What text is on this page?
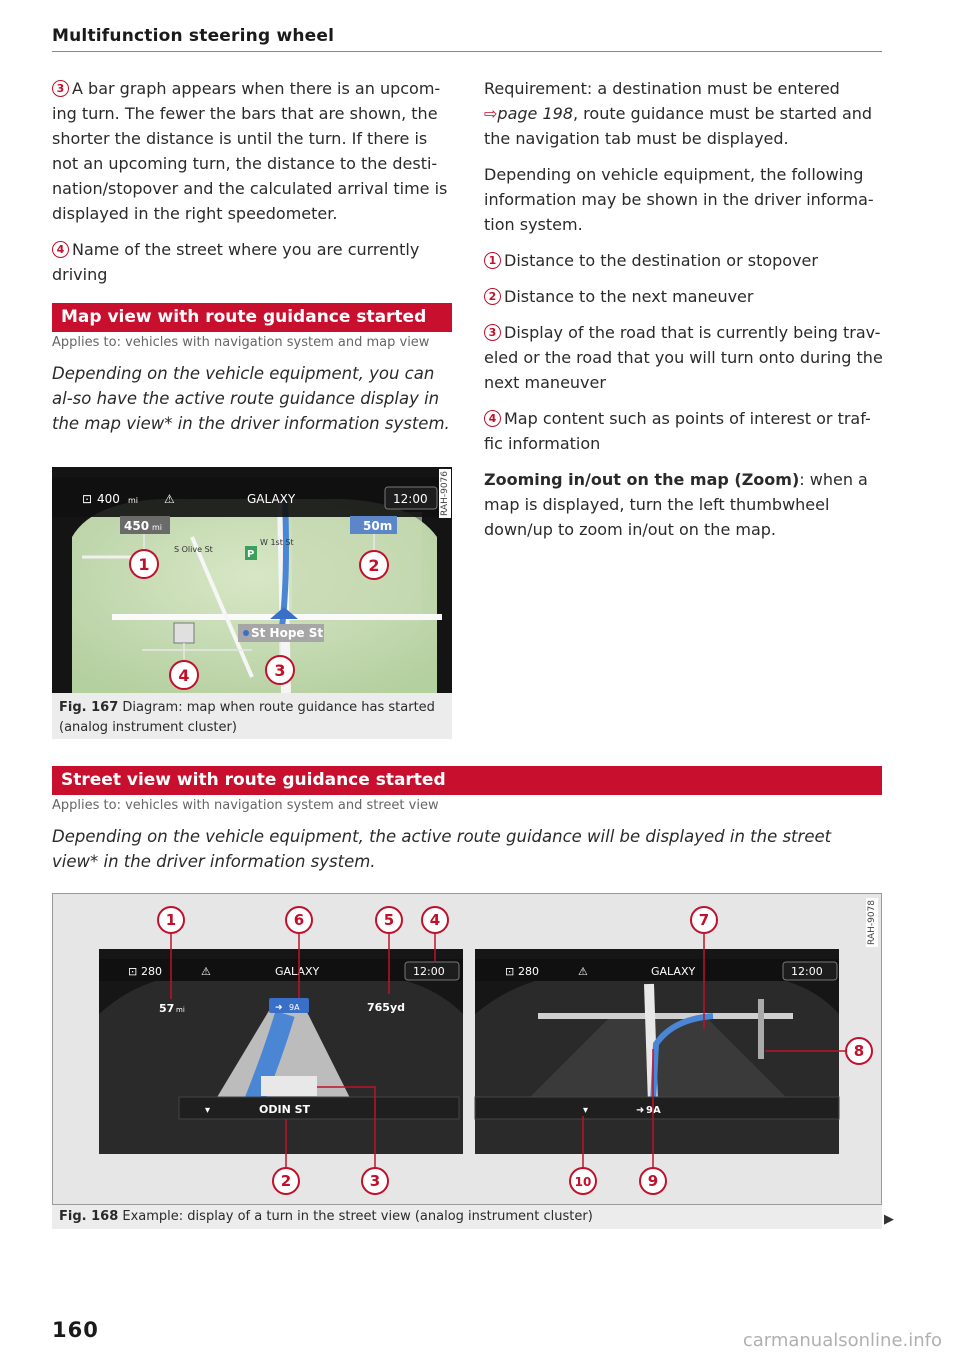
Multifunction steering wheel

3 A bar graph appears when there is an upcom-ing turn. The fewer the bars that are shown, the shorter the distance is until the turn. If there is not an upcoming turn, the distance to the desti-nation/stopover and the calculated arrival time is displayed in the right speedometer.

4 Name of the street where you are currently driving

Map view with route guidance started
Applies to: vehicles with navigation system and map view
Depending on the vehicle equipment, you can al-so have the active route guidance display in the map view* in the driver information system.
⊡ 400 mi ⚠	GALAXY	12:00
450 mi	50m
S Olive St
W 1st St
P
St Hope St
1	2
3
4
RAH-9076
Fig. 167 Diagram: map when route guidance has started (analog instrument cluster)

Requirement: a destination must be entered ⇨page 198, route guidance must be started and the navigation tab must be displayed.

Depending on vehicle equipment, the following information may be shown in the driver informa-tion system.

1 Distance to the destination or stopover

2 Distance to the next maneuver

3 Display of the road that is currently being trav-eled or the road that you will turn onto during the next maneuver

4 Map content such as points of interest or traf-fic information

Zooming in/out on the map (Zoom): when a map is displayed, turn the left thumbwheel down/up to zoom in/out on the map.

Street view with route guidance started
Applies to: vehicles with navigation system and street view
Depending on the vehicle equipment, the active route guidance will be displayed in the street view* in the driver information system.
⊡ 280	⚠	GALAXY	12:00
57 mi	765yd
➜ 9A
ODIN ST
▾
⊡ 280	⚠	GALAXY	12:00
▾	➜ 9A
1
2	3
4
5
6	7
8
9
10
RAH-9078
Fig. 168 Example: display of a turn in the street view (analog instrument cluster)	▶
160	carmanualsonline.info
